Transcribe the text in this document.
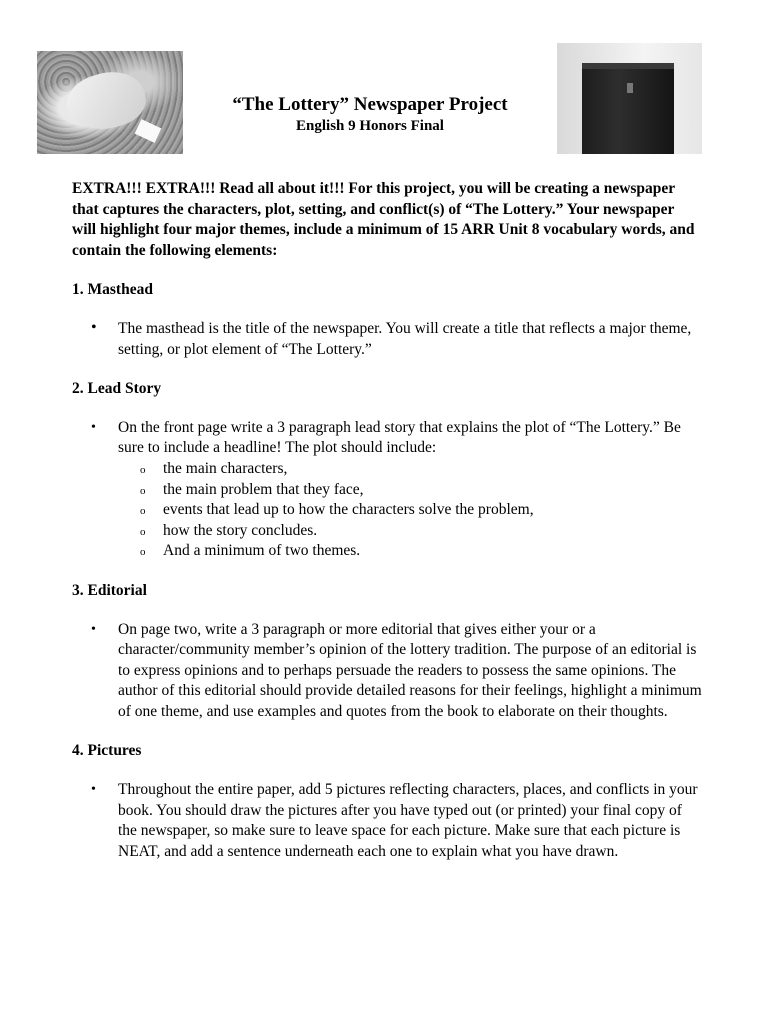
“The Lottery” Newspaper Project
English 9 Honors Final

EXTRA!!! EXTRA!!! Read all about it!!! For this project, you will be creating a newspaper that captures the characters, plot, setting, and conflict(s) of “The Lottery.” Your newspaper will highlight four major themes, include a minimum of 15 ARR Unit 8 vocabulary words, and contain the following elements:

1. Masthead

• The masthead is the title of the newspaper. You will create a title that reflects a major theme, setting, or plot element of “The Lottery.”

2. Lead Story

• On the front page write a 3 paragraph lead story that explains the plot of “The Lottery.” Be sure to include a headline! The plot should include:
o the main characters,
o the main problem that they face,
o events that lead up to how the characters solve the problem,
o how the story concludes.
o And a minimum of two themes.

3. Editorial

• On page two, write a 3 paragraph or more editorial that gives either your or a character/community member’s opinion of the lottery tradition. The purpose of an editorial is to express opinions and to perhaps persuade the readers to possess the same opinions. The author of this editorial should provide detailed reasons for their feelings, highlight a minimum of one theme, and use examples and quotes from the book to elaborate on their thoughts.

4. Pictures

• Throughout the entire paper, add 5 pictures reflecting characters, places, and conflicts in your book. You should draw the pictures after you have typed out (or printed) your final copy of the newspaper, so make sure to leave space for each picture. Make sure that each picture is NEAT, and add a sentence underneath each one to explain what you have drawn.
